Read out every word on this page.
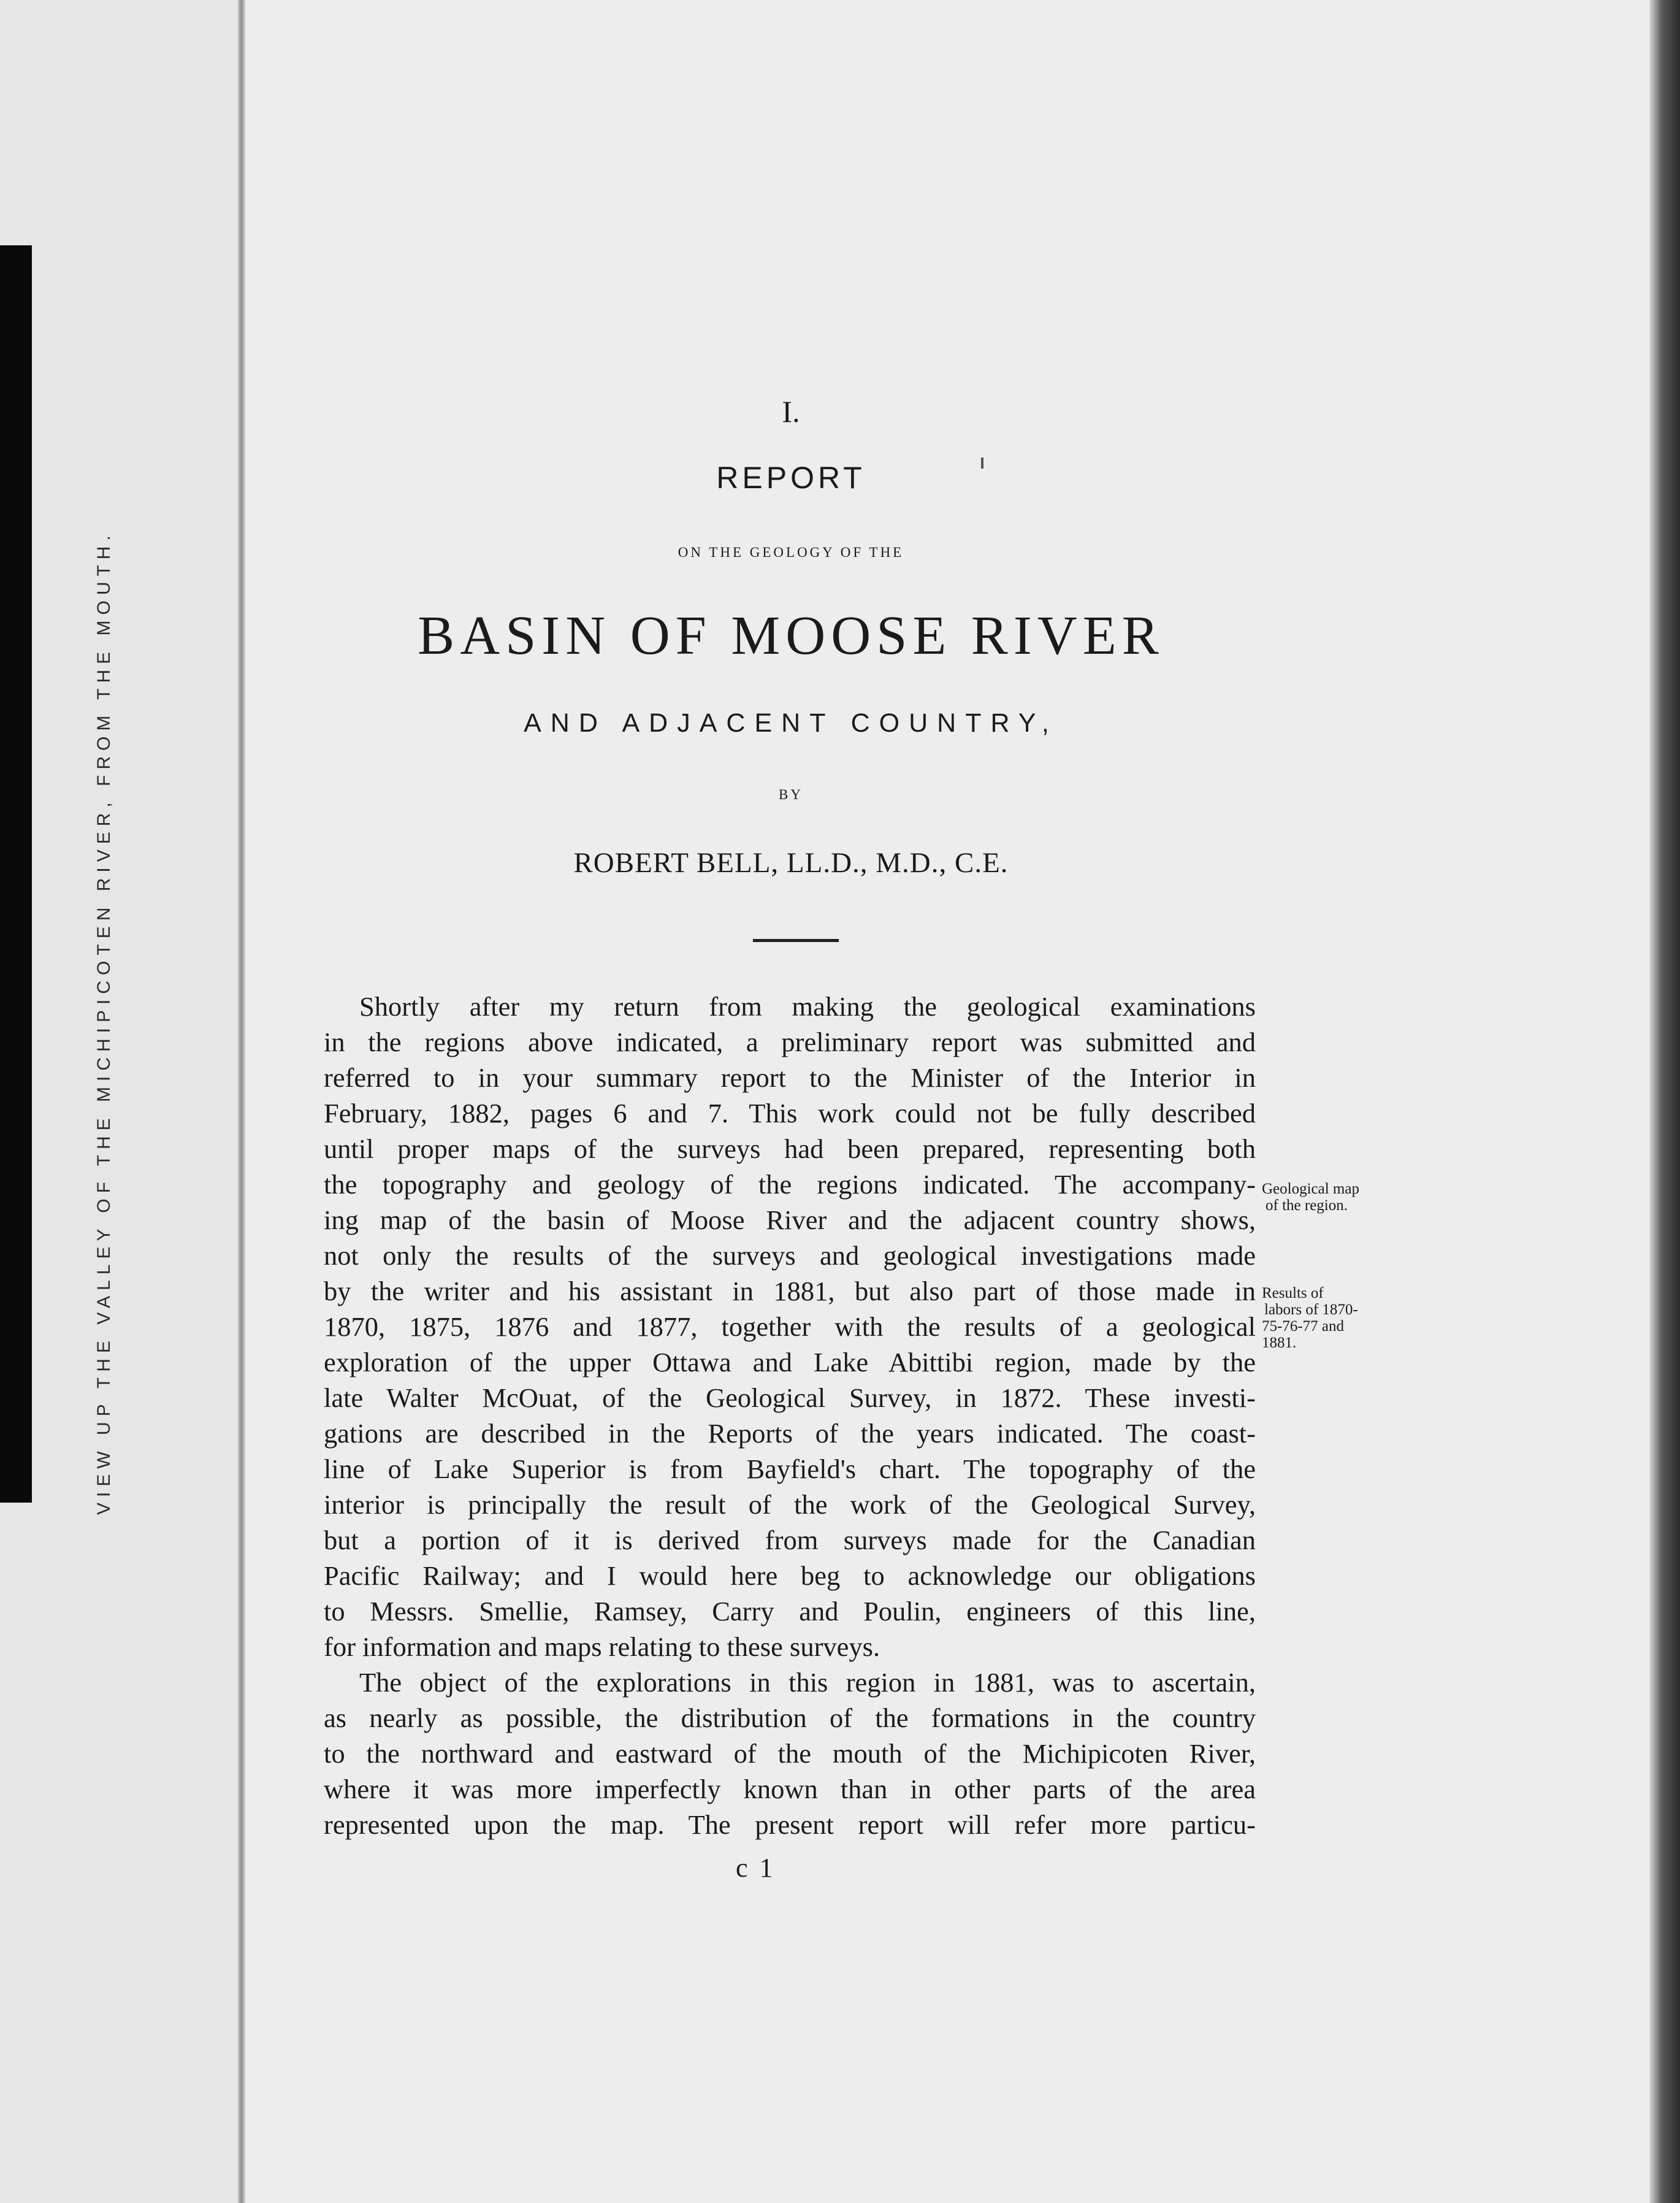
VIEW UP THE VALLEY OF THE MICHIPICOTEN RIVER, FROM THE MOUTH.
I.
REPORT
ON THE GEOLOGY OF THE
BASIN OF MOOSE RIVER
AND ADJACENT COUNTRY,
BY
ROBERT BELL, LL.D., M.D., C.E.

Shortly after my return from making the geological examinations

in the regions above indicated, a preliminary report was submitted and

referred to in your summary report to the Minister of the Interior in

February, 1882, pages 6 and 7. This work could not be fully described

until proper maps of the surveys had been prepared, representing both

the topography and geology of the regions indicated. The accompany-

ing map of the basin of Moose River and the adjacent country shows,

not only the results of the surveys and geological investigations made

by the writer and his assistant in 1881, but also part of those made in

1870, 1875, 1876 and 1877, together with the results of a geological

exploration of the upper Ottawa and Lake Abittibi region, made by the

late Walter McOuat, of the Geological Survey, in 1872. These investi-

gations are described in the Reports of the years indicated. The coast-

line of Lake Superior is from Bayfield's chart. The topography of the

interior is principally the result of the work of the Geological Survey,

but a portion of it is derived from surveys made for the Canadian

Pacific Railway; and I would here beg to acknowledge our obligations

to Messrs. Smellie, Ramsey, Carry and Poulin, engineers of this line,

for information and maps relating to these surveys.

The object of the explorations in this region in 1881, was to ascertain,

as nearly as possible, the distribution of the formations in the country

to the northward and eastward of the mouth of the Michipicoten River,

where it was more imperfectly known than in other parts of the area

represented upon the map. The present report will refer more particu-

Geological map
of the region.
Results of
labors of 1870-
75-76-77 and
1881.
c 1
